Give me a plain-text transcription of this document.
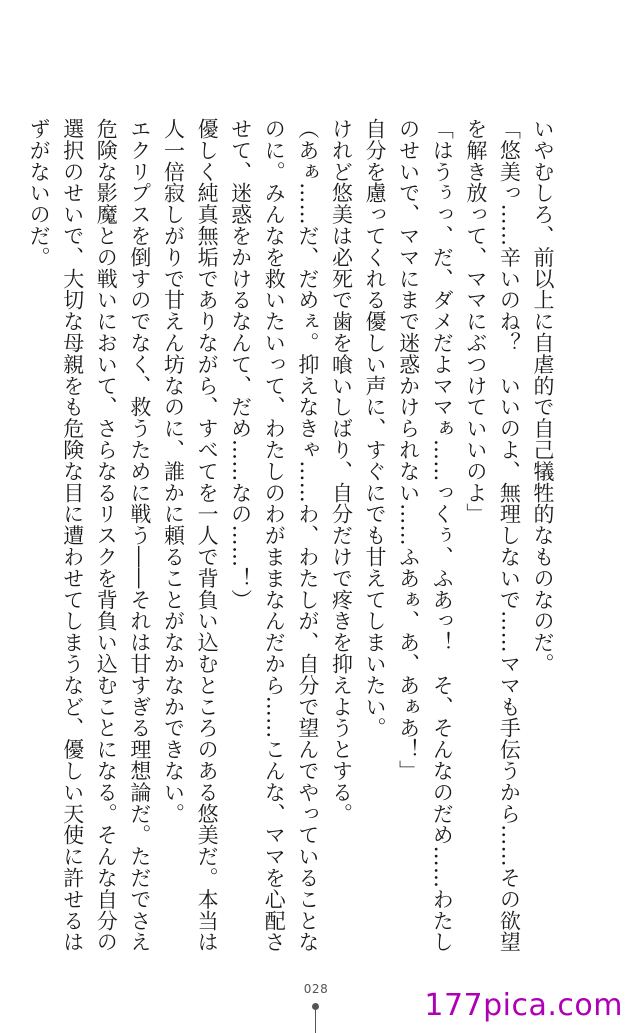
いやむしろ、前以上に自虐的で自己犠牲的なものなのだ。

「悠美っ……辛いのね？　いいのよ、無理しないで……ママも手伝うから……その欲望を解き放って、ママにぶつけていいのよ」

「はうぅっ、だ、ダメだよママぁ……っくぅ、ふあっ！　そ、そんなのだめ……わたしのせいで、ママにまで迷惑かけられない……ふあぁ、あ、あぁあ！」

自分を慮ってくれる優しい声に、すぐにでも甘えてしまいたい。

けれど悠美は必死で歯を喰いしばり、自分だけで疼きを抑えようとする。

（あぁ……だ、だめぇ。抑えなきゃ……わ、わたしが、自分で望んでやっていることなのに。みんなを救いたいって、わたしのわがままなんだから……こんな、ママを心配させて、迷惑をかけるなんて、だめ……なの……！）

優しく純真無垢でありながら、すべてを一人で背負い込むところのある悠美だ。本当は人一倍寂しがりで甘えん坊なのに、誰かに頼ることがなかなかできない。

エクリプスを倒すのでなく、救うために戦う――それは甘すぎる理想論だ。ただでさえ危険な影魔との戦いにおいて、さらなるリスクを背負い込むことになる。そんな自分の選択のせいで、大切な母親をも危険な目に遭わせてしまうなど、優しい天使に許せるはずがないのだ。

028	177pica.com
